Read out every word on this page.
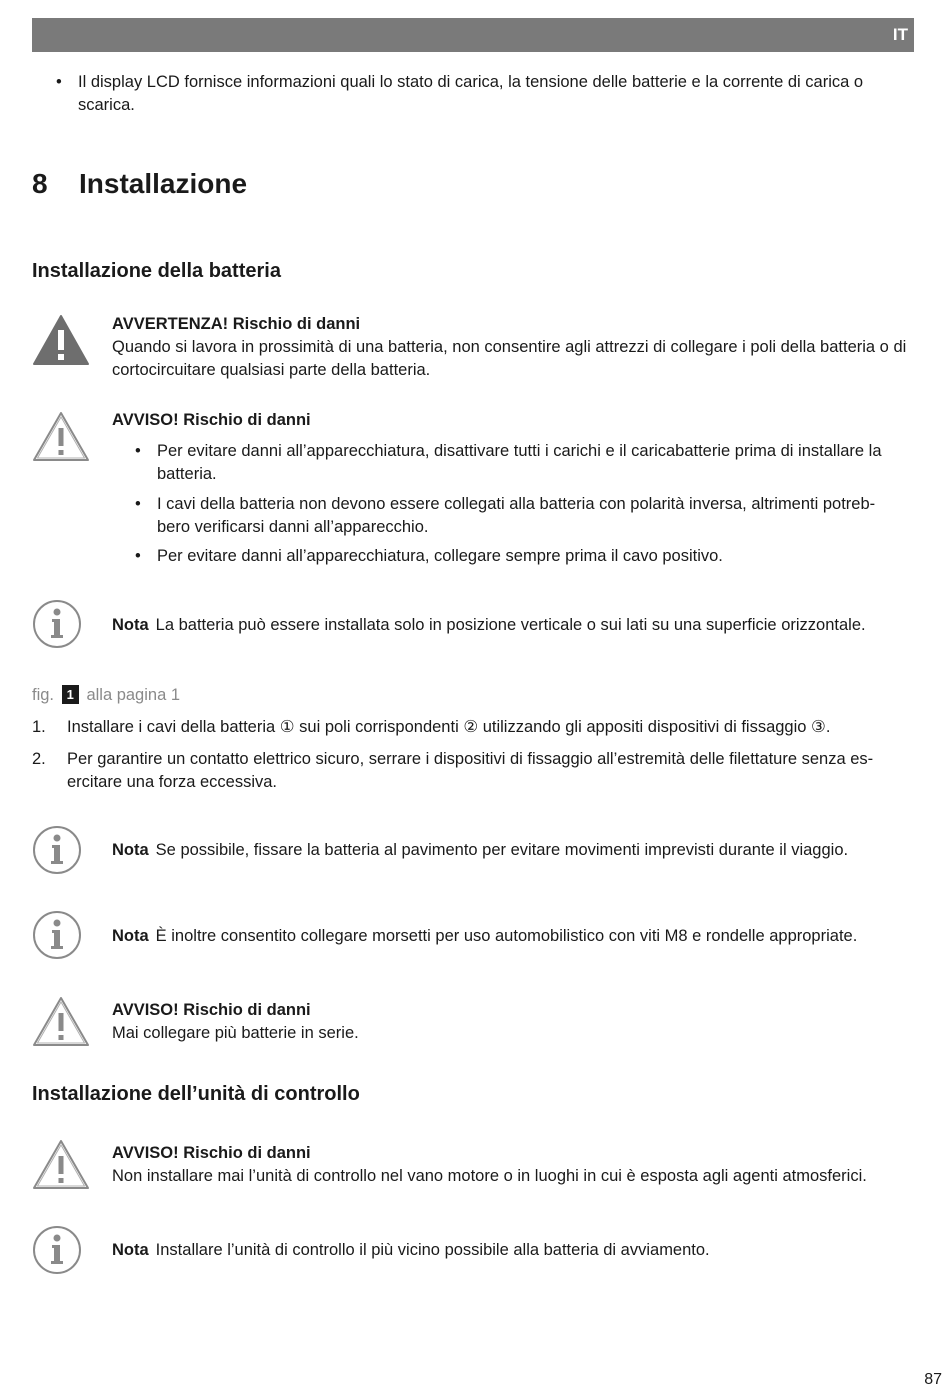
IT
• Il display LCD fornisce informazioni quali lo stato di carica, la tensione delle batterie e la corrente di carica o scarica.
8 Installazione
Installazione della batteria
AVVERTENZA! Rischio di danni
Quando si lavora in prossimità di una batteria, non consentire agli attrezzi di collegare i poli della batteria o di cortocircuitare qualsiasi parte della batteria.
AVVISO! Rischio di danni
• Per evitare danni all’apparecchiatura, disattivare tutti i carichi e il caricabatterie prima di installare la batteria.
• I cavi della batteria non devono essere collegati alla batteria con polarità inversa, altrimenti potreb- bero verificarsi danni all’apparecchio.
• Per evitare danni all’apparecchiatura, collegare sempre prima il cavo positivo.
Nota La batteria può essere installata solo in posizione verticale o sui lati su una superficie orizzontale.
fig. 1 alla pagina 1
1.	Installare i cavi della batteria ① sui poli corrispondenti ② utilizzando gli appositi dispositivi di fissaggio ③.
2.	Per garantire un contatto elettrico sicuro, serrare i dispositivi di fissaggio all’estremità delle filettature senza es- ercitare una forza eccessiva.
Nota Se possibile, fissare la batteria al pavimento per evitare movimenti imprevisti durante il viaggio.
Nota È inoltre consentito collegare morsetti per uso automobilistico con viti M8 e rondelle appropriate.
AVVISO! Rischio di danni
Mai collegare più batterie in serie.
Installazione dell’unità di controllo
AVVISO! Rischio di danni
Non installare mai l’unità di controllo nel vano motore o in luoghi in cui è esposta agli agenti atmosferici.
Nota Installare l’unità di controllo il più vicino possibile alla batteria di avviamento.
87
